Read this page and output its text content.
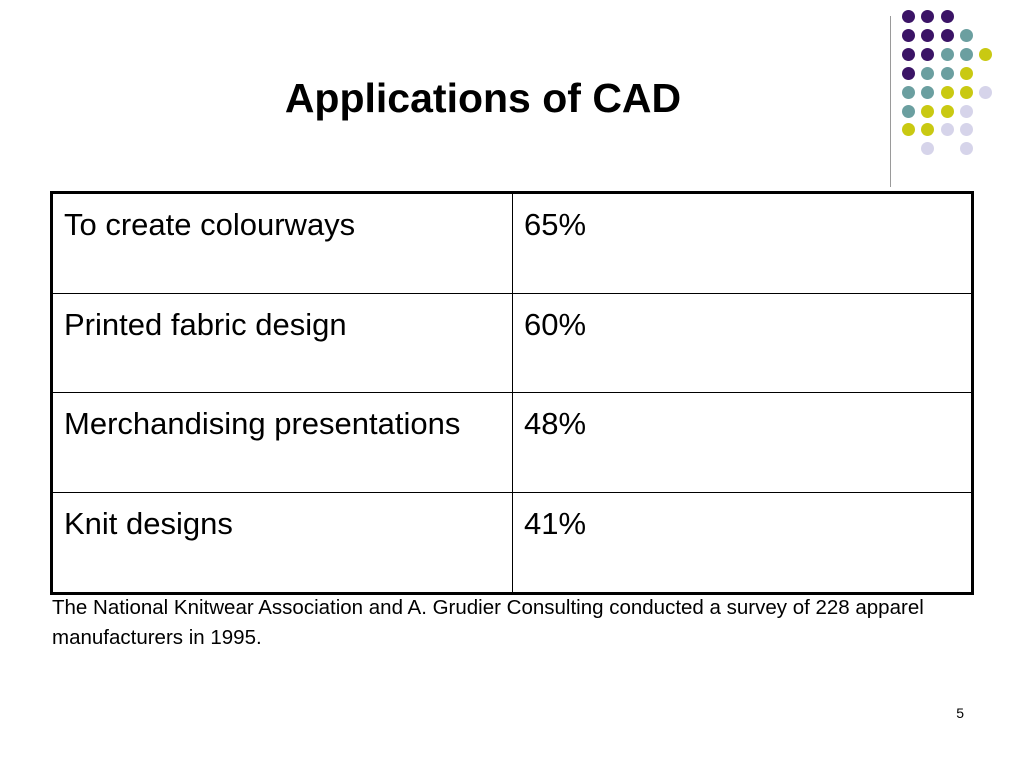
Applications of CAD
To create colourways	65%
Printed fabric design	60%
Merchandising presentations	48%
Knit designs	41%
The National Knitwear Association and A. Grudier Consulting conducted a survey of 228 apparel manufacturers in 1995.
5
